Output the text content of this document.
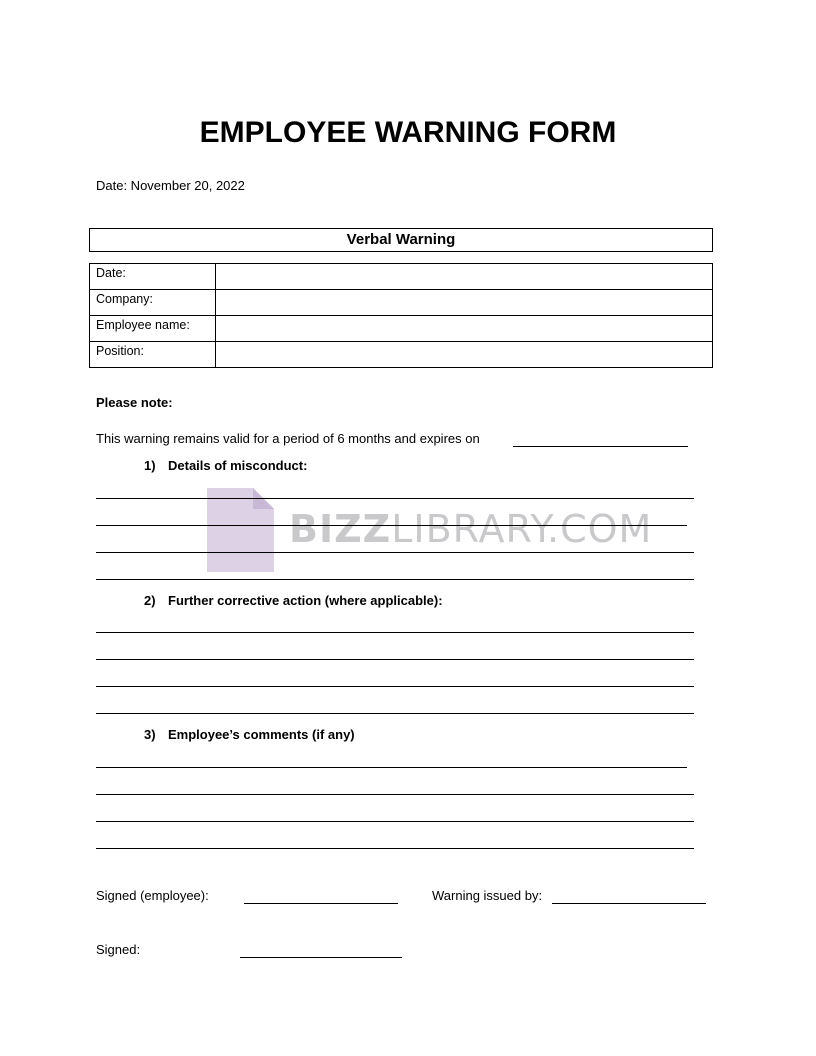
EMPLOYEE WARNING FORM
Date: November 20, 2022
Verbal Warning
Date:	
Company:	
Employee name:	
Position:	
Please note:
This warning remains valid for a period of 6 months and expires on
BIZZLIBRARY.COM
1) Details of misconduct:
2) Further corrective action (where applicable):
3) Employee’s comments (if any)
Signed (employee):	Warning issued by:
Signed:
